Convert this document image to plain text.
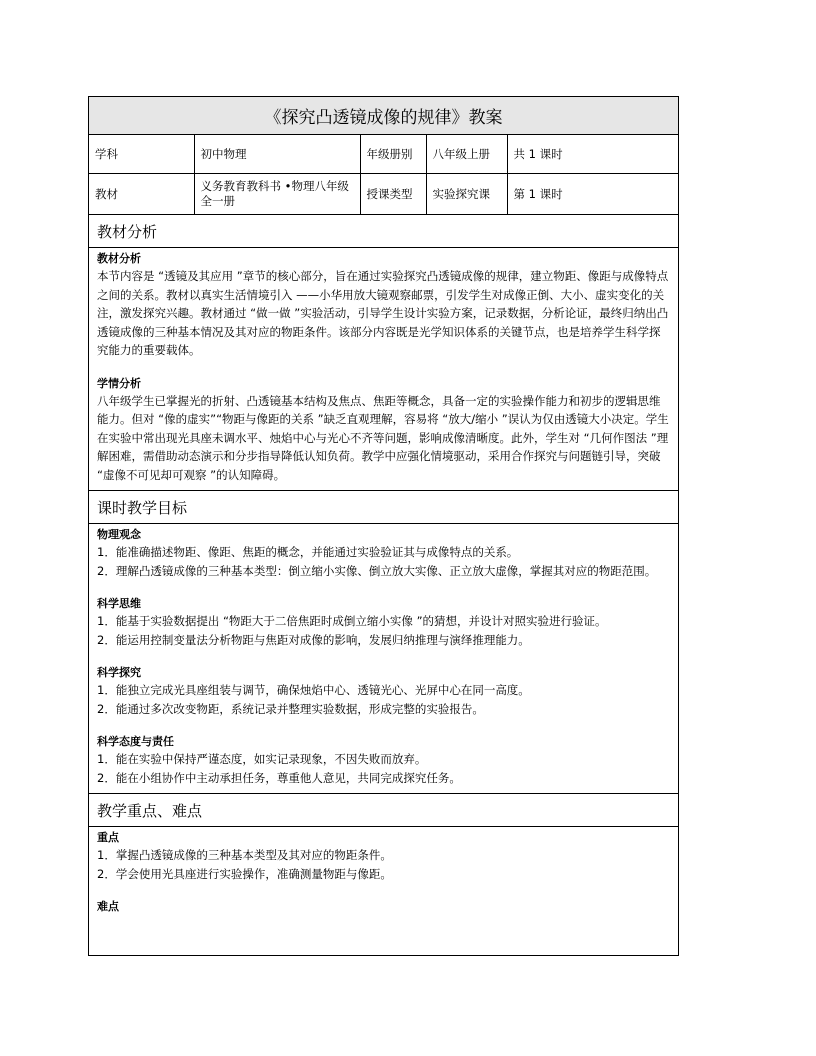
《探究凸透镜成像的规律》教案
学科	初中物理	年级册别	八年级上册	共 1 课时
教材	义务教育教科书 •物理八年级全一册	授课类型	实验探究课	第 1 课时
教材分析
教材分析
本节内容是 “透镜及其应用 ”章节的核心部分，旨在通过实验探究凸透镜成像的规律，建立物距、像距与成像特点之间的关系。教材以真实生活情境引入 ——小华用放大镜观察邮票，引发学生对成像正倒、大小、虚实变化的关注，激发探究兴趣。教材通过 “做一做 ”实验活动，引导学生设计实验方案，记录数据，分析论证，最终归纳出凸透镜成像的三种基本情况及其对应的物距条件。该部分内容既是光学知识体系的关键节点，也是培养学生科学探究能力的重要载体。
学情分析
八年级学生已掌握光的折射、凸透镜基本结构及焦点、焦距等概念，具备一定的实验操作能力和初步的逻辑思维能力。但对 “像的虚实”“物距与像距的关系 ”缺乏直观理解，容易将 “放大/缩小 ”误认为仅由透镜大小决定。学生在实验中常出现光具座未调水平、烛焰中心与光心不齐等问题，影响成像清晰度。此外，学生对 “几何作图法 ”理解困难，需借助动态演示和分步指导降低认知负荷。教学中应强化情境驱动，采用合作探究与问题链引导，突破 “虚像不可见却可观察 ”的认知障碍。
课时教学目标
物理观念
1．能准确描述物距、像距、焦距的概念，并能通过实验验证其与成像特点的关系。
2．理解凸透镜成像的三种基本类型：倒立缩小实像、倒立放大实像、正立放大虚像，掌握其对应的物距范围。
科学思维
1．能基于实验数据提出 “物距大于二倍焦距时成倒立缩小实像 ”的猜想，并设计对照实验进行验证。
2．能运用控制变量法分析物距与焦距对成像的影响，发展归纳推理与演绎推理能力。
科学探究
1．能独立完成光具座组装与调节，确保烛焰中心、透镜光心、光屏中心在同一高度。
2．能通过多次改变物距，系统记录并整理实验数据，形成完整的实验报告。
科学态度与责任
1．能在实验中保持严谨态度，如实记录现象，不因失败而放弃。
2．能在小组协作中主动承担任务，尊重他人意见，共同完成探究任务。
教学重点、难点
重点
1．掌握凸透镜成像的三种基本类型及其对应的物距条件。
2．学会使用光具座进行实验操作，准确测量物距与像距。
难点
